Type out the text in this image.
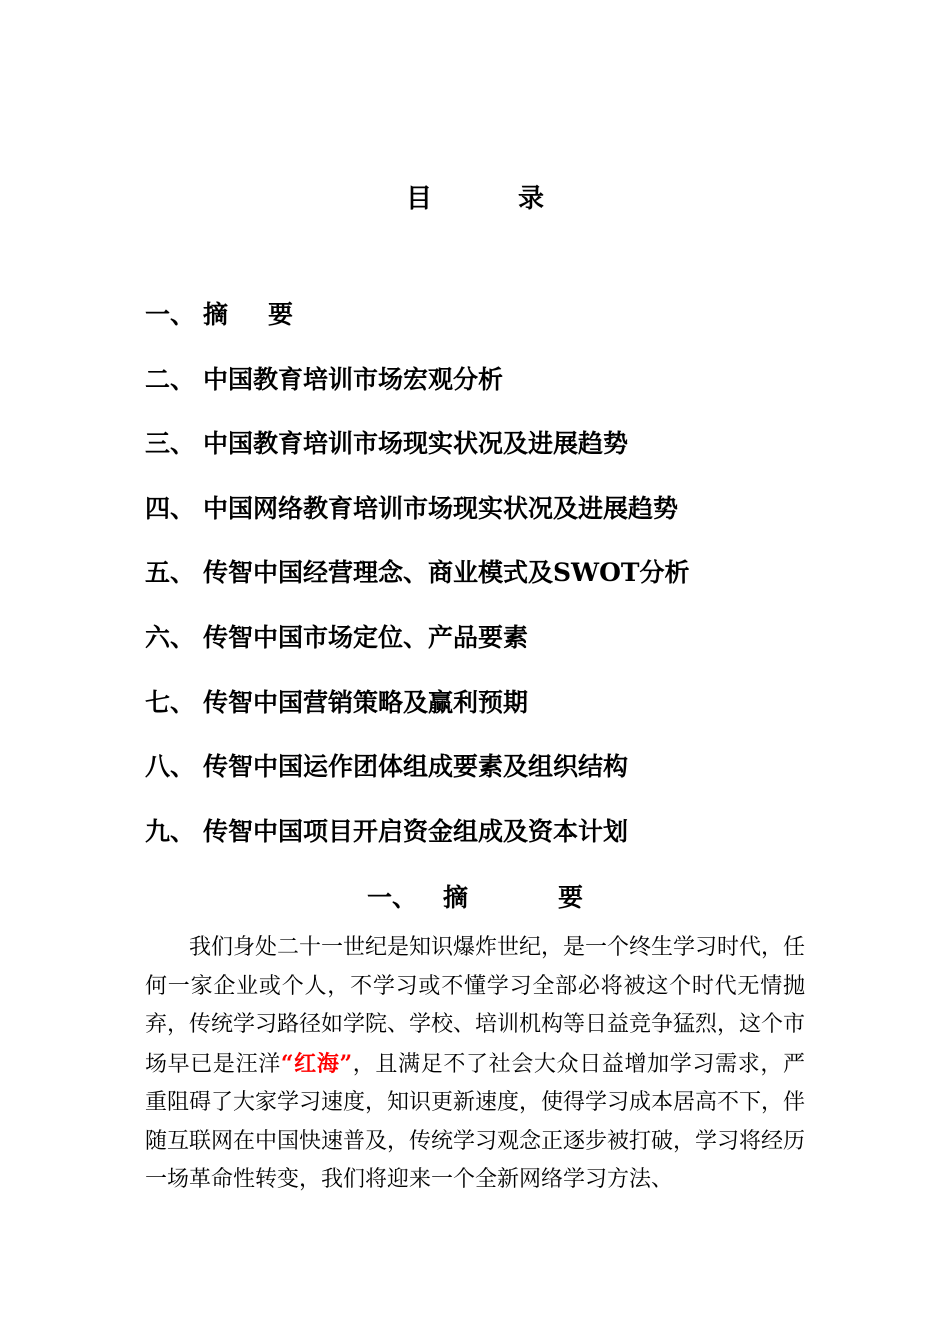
目	录
一、 摘 要
二、 中国教育培训市场宏观分析
三、 中国教育培训市场现实状况及进展趋势
四、 中国网络教育培训市场现实状况及进展趋势
五、 传智中国经营理念、商业模式及SWOT分析
六、 传智中国市场定位、产品要素
七、 传智中国营销策略及赢利预期
八、 传智中国运作团体组成要素及组织结构
九、 传智中国项目开启资金组成及资本计划
一、 摘	要

我们身处二十一世纪是知识爆炸世纪，是一个终生学习时代，任何一家企业或个人，不学习或不懂学习全部必将被这个时代无情抛弃，传统学习路径如学院、学校、培训机构等日益竞争猛烈，这个市场早已是汪洋“红海”，且满足不了社会大众日益增加学习需求，严重阻碍了大家学习速度，知识更新速度，使得学习成本居高不下，伴随互联网在中国快速普及，传统学习观念正逐步被打破，学习将经历一场革命性转变，我们将迎来一个全新网络学习方法、
